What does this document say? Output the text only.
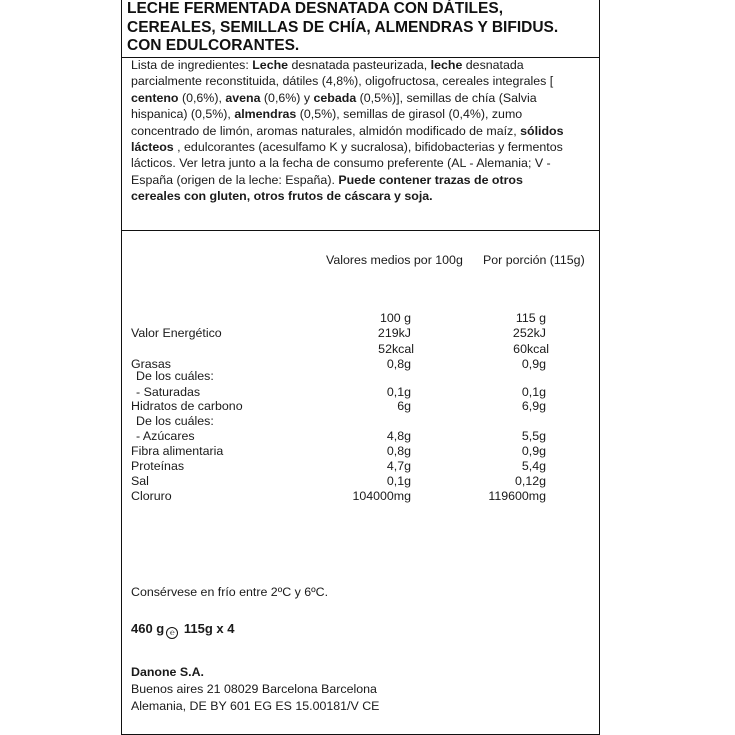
LECHE FERMENTADA DESNATADA CON DÁTILES,
CEREALES, SEMILLAS DE CHÍA, ALMENDRAS Y BIFIDUS.
CON EDULCORANTES.
Lista de ingredientes: Leche desnatada pasteurizada, leche desnatada
parcialmente reconstituida, dátiles (4,8%), oligofructosa, cereales integrales [
centeno (0,6%), avena (0,6%) y cebada (0,5%)], semillas de chía (Salvia
hispanica) (0,5%), almendras (0,5%), semillas de girasol (0,4%), zumo
concentrado de limón, aromas naturales, almidón modificado de maíz, sólidos
lácteos , edulcorantes (acesulfamo K y sucralosa), bifidobacterias y fermentos
lácticos. Ver letra junto a la fecha de consumo preferente (AL - Alemania; V -
España (origen de la leche: España). Puede contener trazas de otros
cereales con gluten, otros frutos de cáscara y soja.
Valores medios por 100g Por porción (115g)
100 g	115 g
Valor Energético	219kJ	252kJ
52kcal	60kcal
Grasas	0,8g	0,9g
De los cuáles:
- Saturadas	0,1g	0,1g
Hidratos de carbono	6g	6,9g
De los cuáles:
- Azúcares	4,8g	5,5g
Fibra alimentaria	0,8g	0,9g
Proteínas	4,7g	5,4g
Sal	0,1g	0,12g
Cloruro	104000mg	119600mg
Consérvese en frío entre 2ºC y 6ºC.
460 g ℮ 115g x 4
Danone S.A.
Buenos aires 21 08029 Barcelona Barcelona
Alemania, DE BY 601 EG ES 15.00181/V CE
